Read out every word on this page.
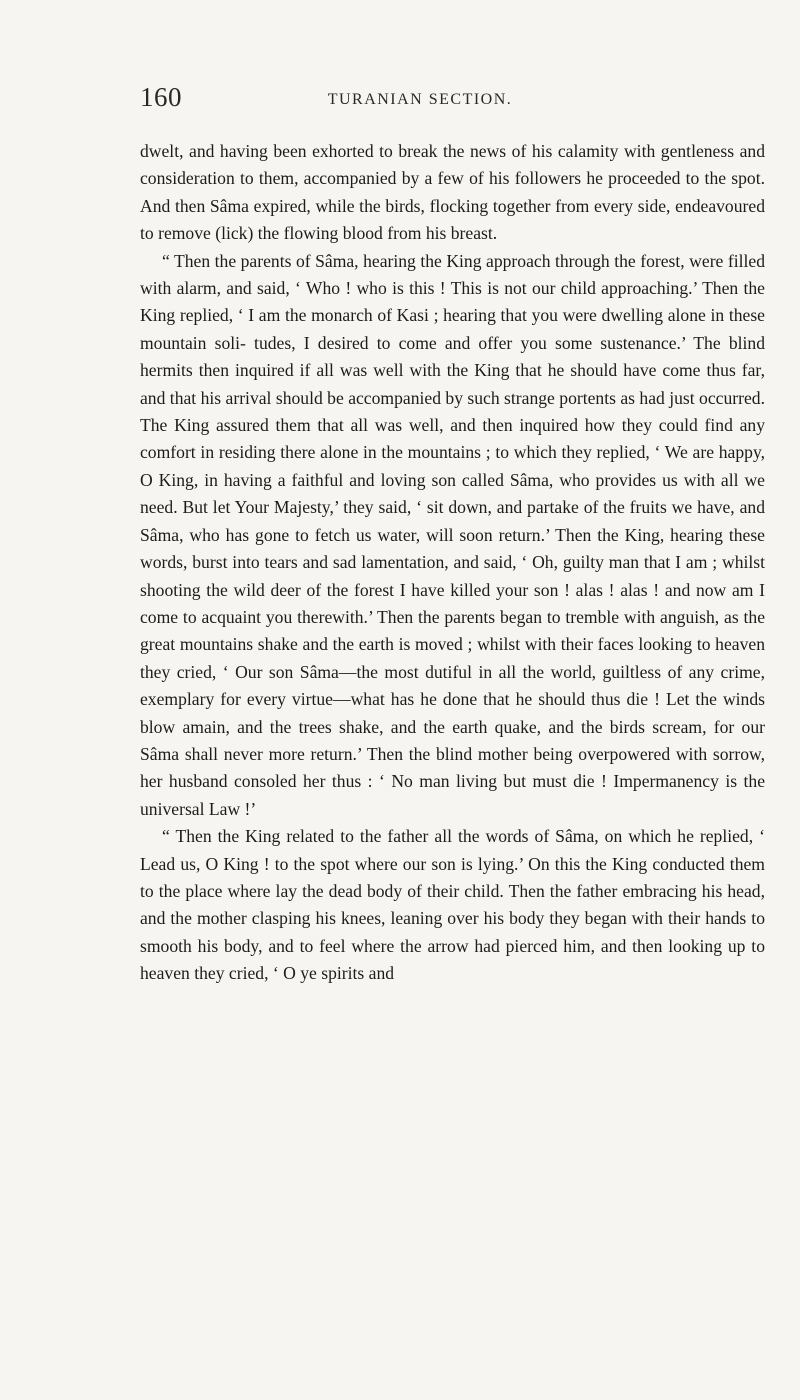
160	TURANIAN SECTION.

dwelt, and having been exhorted to break the news of his calamity with gentleness and consideration to them, accompanied by a few of his followers he proceeded to the spot. And then Sâma expired, while the birds, flocking together from every side, endeavoured to remove (lick) the flowing blood from his breast.

“ Then the parents of Sâma, hearing the King approach through the forest, were filled with alarm, and said, ‘ Who ! who is this ! This is not our child approaching.’ Then the King replied, ‘ I am the monarch of Kasi ; hearing that you were dwelling alone in these mountain soli- tudes, I desired to come and offer you some sustenance.’ The blind hermits then inquired if all was well with the King that he should have come thus far, and that his arrival should be accompanied by such strange portents as had just occurred. The King assured them that all was well, and then inquired how they could find any comfort in residing there alone in the mountains ; to which they replied, ‘ We are happy, O King, in having a faithful and loving son called Sâma, who provides us with all we need. But let Your Majesty,’ they said, ‘ sit down, and partake of the fruits we have, and Sâma, who has gone to fetch us water, will soon return.’ Then the King, hearing these words, burst into tears and sad lamentation, and said, ‘ Oh, guilty man that I am ; whilst shooting the wild deer of the forest I have killed your son ! alas ! alas ! and now am I come to acquaint you therewith.’ Then the parents began to tremble with anguish, as the great mountains shake and the earth is moved ; whilst with their faces looking to heaven they cried, ‘ Our son Sâma—the most dutiful in all the world, guiltless of any crime, exemplary for every virtue—what has he done that he should thus die ! Let the winds blow amain, and the trees shake, and the earth quake, and the birds scream, for our Sâma shall never more return.’ Then the blind mother being overpowered with sorrow, her husband consoled her thus : ‘ No man living but must die ! Impermanency is the universal Law !’

“ Then the King related to the father all the words of Sâma, on which he replied, ‘ Lead us, O King ! to the spot where our son is lying.’ On this the King conducted them to the place where lay the dead body of their child. Then the father embracing his head, and the mother clasping his knees, leaning over his body they began with their hands to smooth his body, and to feel where the arrow had pierced him, and then looking up to heaven they cried, ‘ O ye spirits and
